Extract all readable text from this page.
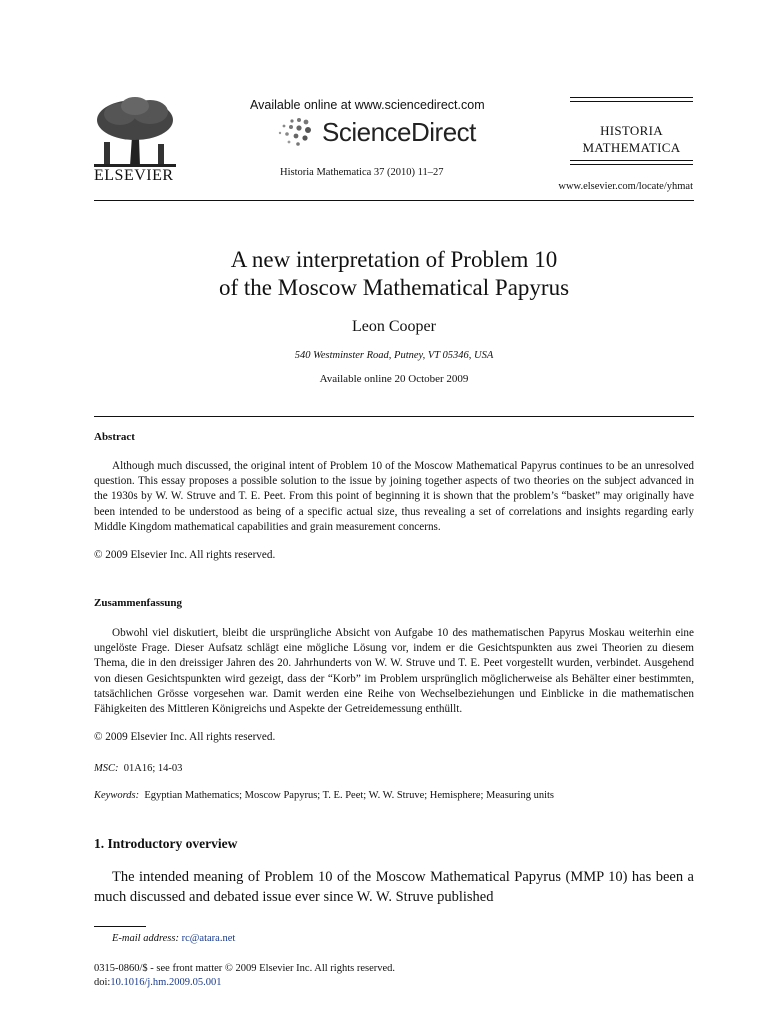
ELSEVIER
Available online at www.sciencedirect.com
ScienceDirect
Historia Mathematica 37 (2010) 11–27
HISTORIA
MATHEMATICA
www.elsevier.com/locate/yhmat
A new interpretation of Problem 10
of the Moscow Mathematical Papyrus
Leon Cooper
540 Westminster Road, Putney, VT 05346, USA
Available online 20 October 2009
Abstract
Although much discussed, the original intent of Problem 10 of the Moscow Mathematical Papyrus continues to be an unresolved question. This essay proposes a possible solution to the issue by joining together aspects of two theories on the subject advanced in the 1930s by W. W. Struve and T. E. Peet. From this point of beginning it is shown that the problem’s “basket” may originally have been intended to be understood as being of a specific actual size, thus revealing a set of correlations and insights regarding early Middle Kingdom mathematical capabilities and grain measurement concerns.
© 2009 Elsevier Inc. All rights reserved.
Zusammenfassung
Obwohl viel diskutiert, bleibt die ursprüngliche Absicht von Aufgabe 10 des mathematischen Papyrus Moskau weiterhin eine ungelöste Frage. Dieser Aufsatz schlägt eine mögliche Lösung vor, indem er die Gesichtspunkten aus zwei Theorien zu diesem Thema, die in den dreissiger Jahren des 20. Jahrhunderts von W. W. Struve und T. E. Peet vorgestellt wurden, verbindet. Ausgehend von diesen Gesichtspunkten wird gezeigt, dass der “Korb” im Problem ursprünglich möglicherweise als Behälter einer bestimmten, tatsächlichen Grösse vorgesehen war. Damit werden eine Reihe von Wechselbeziehungen und Einblicke in die mathematischen Fähigkeiten des Mittleren Königreichs und Aspekte der Getreidemessung enthüllt.
© 2009 Elsevier Inc. All rights reserved.
MSC: 01A16; 14-03
Keywords: Egyptian Mathematics; Moscow Papyrus; T. E. Peet; W. W. Struve; Hemisphere; Measuring units
1. Introductory overview
The intended meaning of Problem 10 of the Moscow Mathematical Papyrus (MMP 10) has been a much discussed and debated issue ever since W. W. Struve published
E-mail address: rc@atara.net
0315-0860/$ - see front matter © 2009 Elsevier Inc. All rights reserved.
doi:10.1016/j.hm.2009.05.001
